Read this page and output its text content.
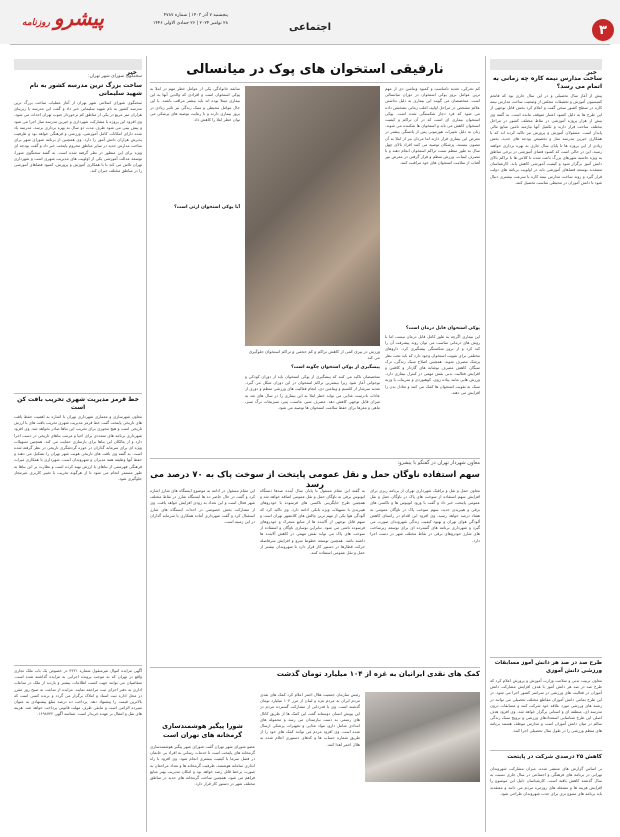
۳
اجتماعی
پیشرو
روزنامه
پنجشنبه ۷ آذر ۱۴۰۳ | شماره ۴۷۸۷
۲۸ نوامبر ۲۰۲۴ | ۲۶ جمادی الاولی ۱۴۴۶
خبر
ساخت مدارس نیمه کاره چه زمانی به اتمام می رسد؟
پیش از آغاز سال تحصیلی و در این سال جاری بود که فاتحم کمیسیون آموزش و تحقیقات مجلس از وضعیت ساخت مدارس نیمه کاره در سطح کشور سخن گفت و اعلام کرد بخش قابل توجهی از این طرح ها به دلیل کمبود اعتبار متوقف مانده است. به گفته وی بیش از هزار پروژه آموزشی در نقاط مختلف کشور در مراحل مختلف ساخت قرار دارند و تکمیل آنها نیازمند تامین منابع مالی پایدار است. مسئولان آموزش و پرورش نیز تاکید کرده اند که با همکاری خیرین مدرسه ساز و تخصیص بودجه های جدید، بخش زیادی از این پروژه ها تا پایان سال جاری به بهره برداری خواهند رسید. این در حالی است که کمبود فضای آموزشی در برخی مناطق به ویژه حاشیه شهرهای بزرگ باعث شده تا کلاس ها با تراکم بالای دانش آموز برگزار شود و کیفیت آموزشی کاهش یابد. کارشناسان معتقدند توسعه فضاهای آموزشی باید در اولویت برنامه های دولت قرار گیرد و روند ساخت مدارس نیمه کاره با سرعت بیشتری دنبال شود تا دانش آموزان در محیطی مناسب تحصیل کنند.
طرح صد در صد هر دانش آموز مسابقات ورزشی دانش آموزی
معاون تربیت بدنی و سلامت وزارت آموزش و پرورش اعلام کرد که طرح صد در صد هر دانش آموز با هدف افزایش مشارکت دانش آموزان در فعالیت های ورزشی در سراسر کشور اجرا می شود. در این طرح تمامی دانش آموزان مقاطع مختلف تحصیلی می توانند در رشته های ورزشی مورد علاقه خود شرکت کنند و مسابقات درون مدرسه ای، منطقه ای و استانی برگزار خواهد شد. وی افزود هدف اصلی این طرح شناسایی استعدادهای ورزشی و ترویج سبک زندگی سالم در میان دانش آموزان است و مدارس موظف هستند برنامه های منظم ورزشی را در طول سال تحصیلی اجرا کنند.
کاهش ۲۵ درصدی شرکت در پایتخت
بر اساس گزارش های منتشر شده، میزان مشارکت شهروندان تهرانی در برنامه های فرهنگی و اجتماعی در سال جاری نسبت به سال گذشته کاهش یافته است. کارشناسان دلیل این موضوع را افزایش هزینه ها و مشغله های روزمره مردم می دانند و معتقدند باید برنامه های متنوع تری برای جذب شهروندان طراحی شود.
نارفیقی استخوان های پوک در میانسالی
ورزش در پیری کمی از کاهش تراکم و کم حجمی و تراکم استخوان جلوگیری می کند
کم تحرکی، تغذیه نامناسب و کمبود ویتامین دی از مهم ترین عوامل بروز پوکی استخوان در دوران میانسالی است. متخصصان می گویند این بیماری به دلیل نداشتن علائم مشخص در مراحل اولیه، اغلب زمانی تشخیص داده می شود که فرد دچار شکستگی شده است. پوکی استخوان بیماری ای است که در آن تراکم و کیفیت استخوان کاهش می یابد و استخوان ها شکننده می شوند. زنان به دلیل تغییرات هورمونی پس از یائسگی بیشتر در معرض این بیماری قرار دارند اما مردان نیز از ابتلا به آن مصون نیستند. پزشکان توصیه می کنند افراد بالای چهل سال به طور منظم تست تراکم استخوان انجام دهند و با مصرف لبنیات، ورزش منظم و قرار گرفتن در معرض نور آفتاب از سلامت استخوان های خود مراقبت کنند.
پوکی استخوان قابل درمان است؟
این بیماری اگرچه به طور کامل قابل درمان نیست اما با روش های درمانی مناسب می توان روند پیشرفت آن را کند کرد و از بروز شکستگی پیشگیری کرد. داروهای مختلفی برای تقویت استخوان وجود دارد که باید تحت نظر پزشک مصرف شوند. همچنین اصلاح سبک زندگی، ترک سیگار، کاهش مصرف نوشابه های گازدار و کافئین و افزایش فعالیت بدنی نقش مهمی در کنترل بیماری دارد. ورزش هایی مانند پیاده روی، کوهنوردی و تمرینات با وزنه سبک به تقویت استخوان ها کمک می کنند و تعادل بدن را افزایش می دهند.
پیشگیری از پوکی استخوان چگونه است؟
متخصصان تاکید می کنند که پیشگیری از پوکی استخوان باید از دوران کودکی و نوجوانی آغاز شود زیرا بیشترین تراکم استخوان در این دوران شکل می گیرد. تغذیه سرشار از کلسیم و ویتامین دی، انجام فعالیت های ورزشی منظم و دوری از عادات نادرست غذایی می تواند خطر ابتلا به این بیماری را در سال های بعد به میزان قابل توجهی کاهش دهد. مصرف شیر، ماست، پنیر، سبزیجات برگ سبز، ماهی و مغزها برای حفظ سلامت استخوان ها توصیه می شود.
آیا پوکی استخوان ارثی است؟
سابقه خانوادگی یکی از عوامل خطر مهم در ابتلا به پوکی استخوان است و افرادی که والدین آنها به این بیماری مبتلا بوده اند باید بیشتر مراقب باشند. با این حال عوامل محیطی و سبک زندگی نیز تاثیر زیادی در بروز بیماری دارند و با رعایت توصیه های پزشکی می توان خطر ابتلا را کاهش داد.
معاون شهردار تهران در گفتگو با پیشرو:
سهم استفاده ناوگان حمل و نقل عمومی پایتخت از سوخت پاک به ۷۰ درصد می رسد
معاون حمل و نقل و ترافیک شهرداری تهران از برنامه ریزی برای افزایش سهم استفاده از سوخت های پاک در ناوگان حمل و نقل عمومی پایتخت خبر داد و گفت با ورود اتوبوس ها و تاکسی های برقی و هیبریدی جدید، سهم سوخت پاک در ناوگان عمومی به هفتاد درصد خواهد رسید. وی افزود این اقدام در راستای کاهش آلودگی هوای تهران و بهبود کیفیت زندگی شهروندان صورت می گیرد و شهرداری برنامه های گسترده ای برای توسعه زیرساخت های شارژ خودروهای برقی در نقاط مختلف شهر در دست اجرا دارد.
به گفته این مقام مسئول تا پایان سال آینده صدها دستگاه اتوبوس برقی به ناوگان حمل و نقل عمومی اضافه خواهد شد و همچنین طرح جایگزینی تاکسی های فرسوده با خودروهای هیبریدی با تسهیلات ویژه بانکی ادامه دارد. وی تاکید کرد که آلودگی هوا یکی از مهم ترین چالش های کلانشهر تهران است و سهم قابل توجهی از آلاینده ها از منابع متحرک و خودروهای فرسوده ناشی می شود. بنابراین نوسازی ناوگان و استفاده از سوخت های پاک می تواند نقش مهمی در کاهش آلاینده ها داشته باشد. همچنین توسعه خطوط مترو و افزایش سرفاصله حرکت قطارها در دستور کار قرار دارد تا شهروندان بیشتر از حمل و نقل عمومی استفاده کنند.
این مقام مسئول در ادامه به موضوع ایستگاه های شارژ اشاره کرد و گفت در حال حاضر ده ها ایستگاه شارژ در نقاط مختلف شهر فعال است و این تعداد به زودی افزایش خواهد یافت. وی از مشارکت بخش خصوصی در احداث ایستگاه های شارژ استقبال کرد و گفت شهرداری آماده همکاری با سرمایه گذاران در این زمینه است.
کمک های نقدی ایرانیان به غزه از ۱۰۴ میلیارد تومان گذشت
رئیس سازمان جمعیت هلال احمر اعلام کرد کمک های نقدی مردم ایران به مردم غزه و لبنان از مرز ۱۰۴ میلیارد تومان گذشته است. وی با قدردانی از مشارکت گسترده مردم در این پویش انسان دوستانه گفت این کمک ها از طریق کانال های رسمی به دست نیازمندان می رسد و محموله های امدادی شامل دارو، مواد غذایی و تجهیزات پزشکی ارسال شده است. وی افزود مردم می توانند کمک های خود را از طریق شماره حساب ها و کدهای دستوری اعلام شده به هلال احمر اهدا کنند.
شورا پیگیر هوشمندسازی گرمخانه های تهران است
عضو شورای شهر تهران گفت شورای شهر پیگیر هوشمندسازی گرمخانه های پایتخت است تا خدمات رسانی به افراد بی خانمان در فصل سرما با کیفیت بیشتری انجام شود. وی افزود با راه اندازی سامانه هوشمند، ظرفیت گرمخانه ها و تعداد مراجعان به صورت برخط قابل رصد خواهد بود و امکان مدیریت بهتر منابع فراهم می شود. همچنین ساخت گرمخانه های جدید در مناطق مختلف شهر در دستور کار قرار دارد.
خبر
سخنگوی شورای شهر تهران:
ساخت بزرگ ترین مدرسه کشور به نام شهید سلیمانی
سخنگوی شورای اسلامی شهر تهران از آغاز عملیات ساخت بزرگ ترین مدرسه کشور به نام شهید سلیمانی خبر داد و گفت این مدرسه با زیربنای هزاران متر مربع در یکی از مناطق کم برخوردار جنوب تهران احداث می شود. وی افزود این پروژه با مشارکت شهرداری و خیرین مدرسه ساز اجرا می شود و پیش بینی می شود ظرف مدت دو سال به بهره برداری برسد. مدرسه یاد شده دارای امکانات کامل آموزشی، ورزشی و فرهنگی خواهد بود و ظرفیت پذیرش هزاران دانش آموز را دارد. وی همچنین از برنامه شورای شهر برای ساخت مدارس جدید در سایر مناطق محروم پایتخت خبر داد و گفت بودجه ای ویژه برای این منظور در نظر گرفته شده است. به گفته سخنگوی شورا، توسعه عدالت آموزشی یکی از اولویت های مدیریت شهری است و شهرداری تهران تلاش می کند تا با همکاری آموزش و پرورش، کمبود فضاهای آموزشی را در مناطق مختلف جبران کند.
خط قرمز مدیریت شهری تخریب بافت کن است
معاون شهرسازی و معماری شهرداری تهران با اشاره به اهمیت حفظ بافت های تاریخی پایتخت گفت خط قرمز مدیریت شهری تخریب بافت های با ارزش تاریخی است و هیچ مجوزی برای تخریب این بناها صادر نخواهد شد. وی افزود شهرداری برنامه های متعددی برای احیا و مرمت بناهای تاریخی در دست اجرا دارد و از مالکان این بناها برای بازسازی حمایت می کند. همچنین تسهیلات ویژه ای برای سرمایه گذاران در حوزه گردشگری تاریخی در نظر گرفته شده است. به گفته وی بافت های تاریخی هویت شهر تهران را تشکیل می دهند و حفظ آنها وظیفه همه مدیران و شهروندان است. شهرداری با همکاری میراث فرهنگی فهرستی از بناهای با ارزش تهیه کرده است و نظارت بر این بناها به طور مستمر انجام می شود تا از هرگونه تخریب یا تغییر کاربری غیرمجاز جلوگیری شود.
آگهی مزایده اموال غیرمنقول شماره ۴۳۲۱ در خصوص یک باب ملک تجاری واقع در تهران که به موجب پرونده اجرایی به مزایده گذاشته شده است. متقاضیان می توانند جهت کسب اطلاعات بیشتر و بازدید از ملک در ساعات اداری به دفتر اجرای ثبت مراجعه نمایند. مزایده از ساعت نه صبح روز مقرر در محل اداره ثبت اسناد و املاک برگزار می گردد و برنده کسی است که بالاترین قیمت را پیشنهاد دهد. پرداخت ده درصد مبلغ پیشنهادی به عنوان سپرده الزامی است و مابقی ظرف مهلت قانونی پرداخت خواهد شد. هزینه های نقل و انتقال بر عهده خریدار است. شناسه آگهی ۱۶۹۸۷۴۲.
